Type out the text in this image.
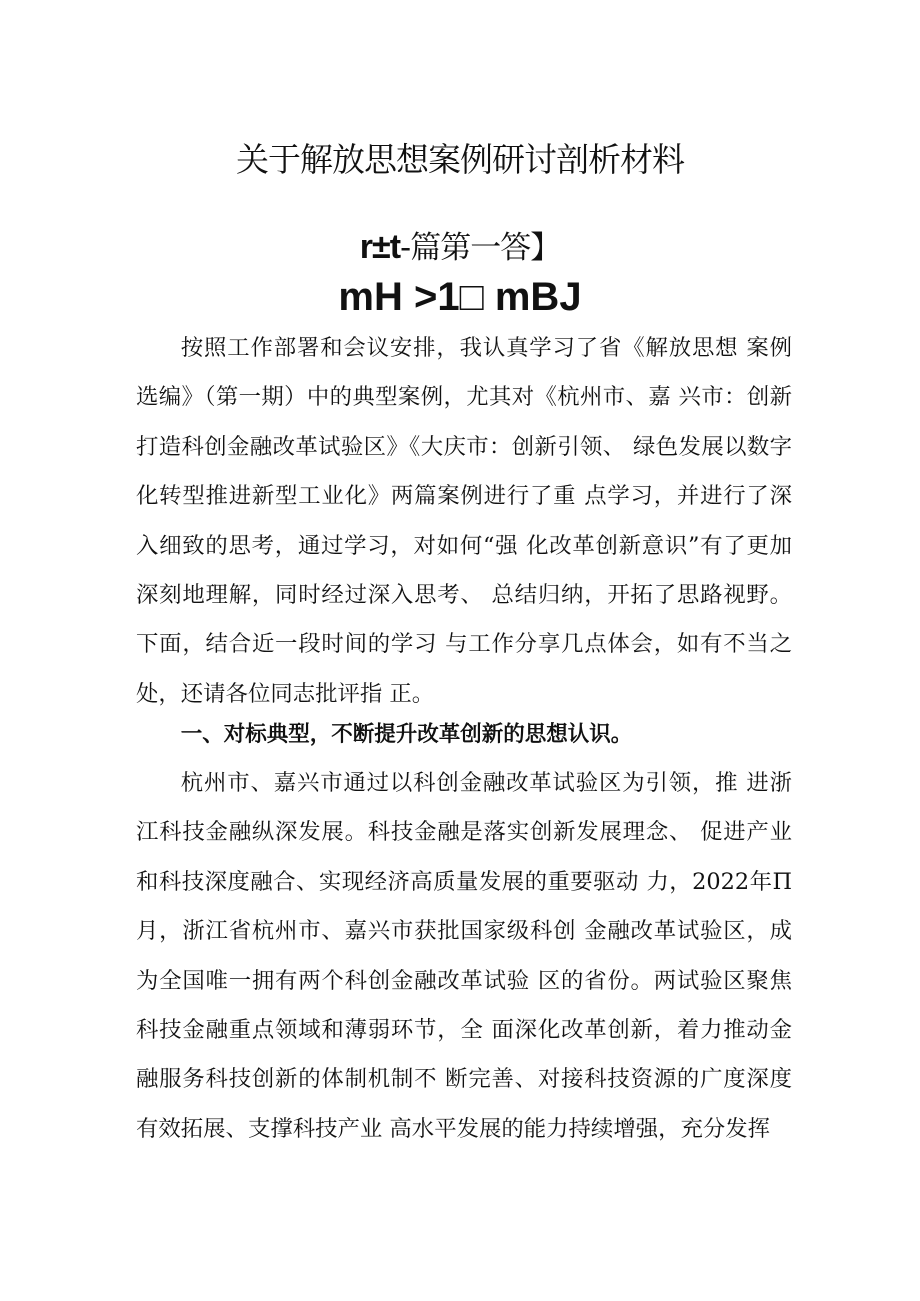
关于解放思想案例研讨剖析材料
r±t-篇第一答】
mH >1□ mBJ

按照工作部署和会议安排，我认真学习了省《解放思想 案例选编》（第一期）中的典型案例，尤其对《杭州市、嘉 兴市：创新打造科创金融改革试验区》《大庆市：创新引领、 绿色发展以数字化转型推进新型工业化》两篇案例进行了重 点学习，并进行了深入细致的思考，通过学习，对如何“强 化改革创新意识”有了更加深刻地理解，同时经过深入思考、 总结归纳，开拓了思路视野。下面，结合近一段时间的学习 与工作分享几点体会，如有不当之处，还请各位同志批评指 正。

一、对标典型，不断提升改革创新的思想认识。

杭州市、嘉兴市通过以科创金融改革试验区为引领，推 进浙江科技金融纵深发展。科技金融是落实创新发展理念、 促进产业和科技深度融合、实现经济高质量发展的重要驱动 力，2022年Π月，浙江省杭州市、嘉兴市获批国家级科创 金融改革试验区，成为全国唯一拥有两个科创金融改革试验 区的省份。两试验区聚焦科技金融重点领域和薄弱环节，全 面深化改革创新，着力推动金融服务科技创新的体制机制不 断完善、对接科技资源的广度深度有效拓展、支撑科技产业 高水平发展的能力持续增强，充分发挥
